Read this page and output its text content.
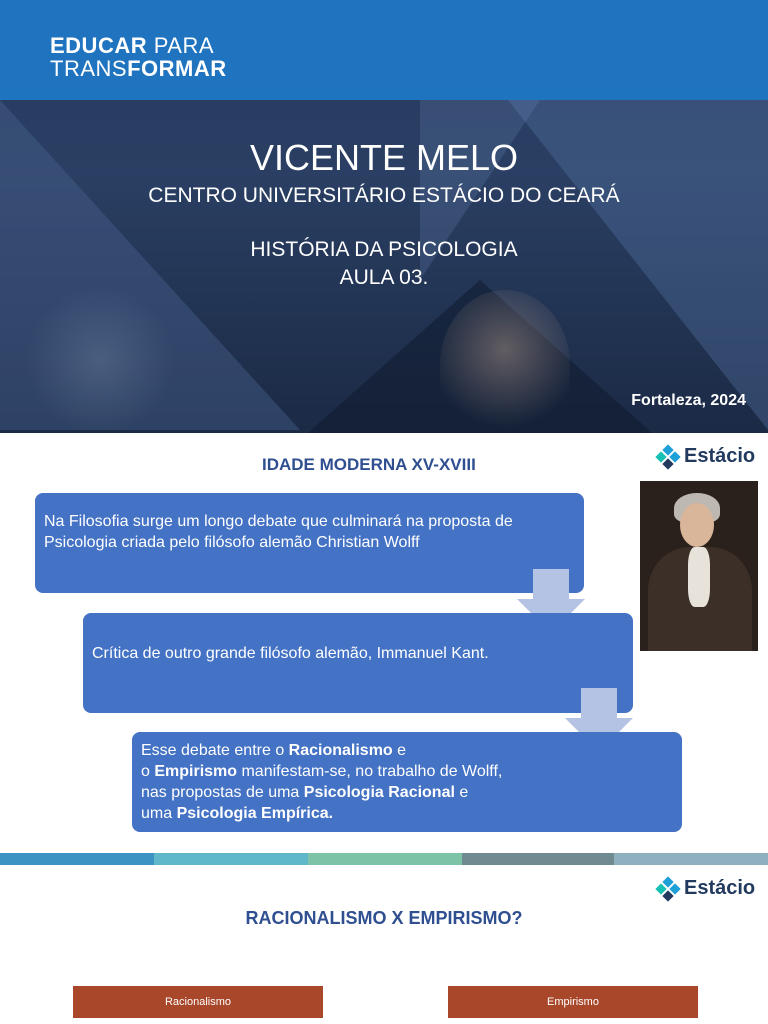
EDUCAR PARA
TRANSFORMAR
VICENTE MELO
CENTRO UNIVERSITÁRIO ESTÁCIO DO CEARÁ
HISTÓRIA DA PSICOLOGIA
AULA 03.
Fortaleza, 2024
Estácio
IDADE MODERNA XV-XVIII
Na Filosofia surge um longo debate que culminará na proposta de Psicologia criada pelo filósofo alemão Christian Wolff
Crítica de outro grande filósofo alemão, Immanuel Kant.
Esse debate entre o Racionalismo e
o Empirismo manifestam-se, no trabalho de Wolff,
nas propostas de uma Psicologia Racional e
uma Psicologia Empírica.
Estácio
RACIONALISMO X EMPIRISMO?
Racionalismo	Empirismo
